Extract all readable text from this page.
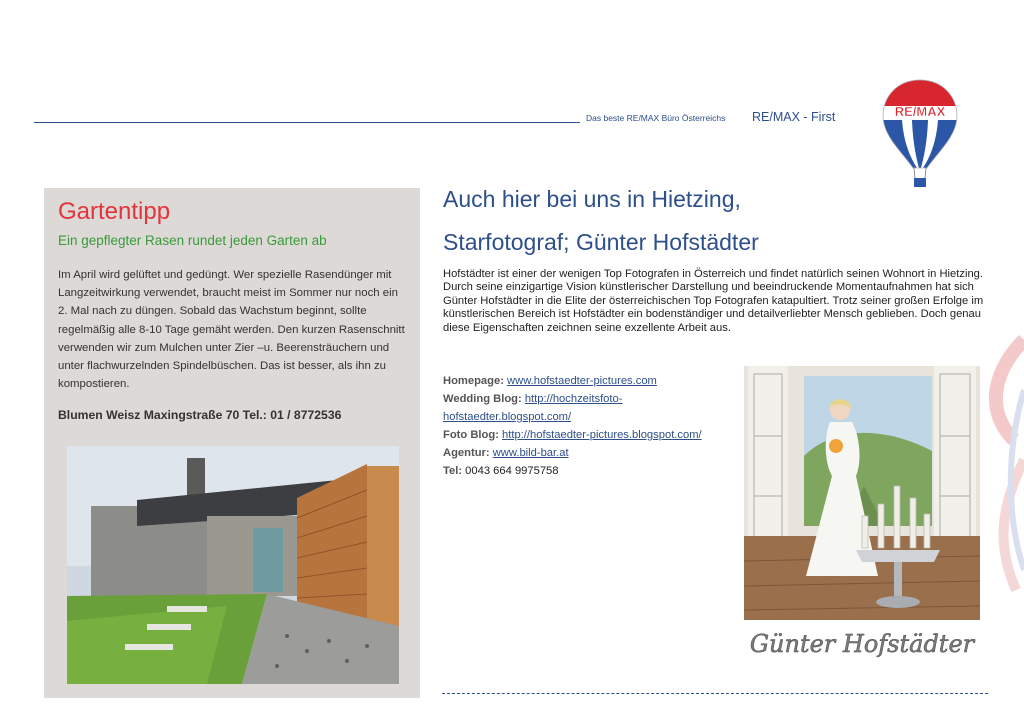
Das beste RE/MAX Büro Österreichs RE/MAX - First	RE/MAX
Gartentipp
Ein gepflegter Rasen rundet jeden Garten ab
Im April wird gelüftet und gedüngt. Wer spezielle Rasendünger mit Langzeitwirkung verwendet, braucht meist im Sommer nur noch ein 2. Mal nach zu düngen. Sobald das Wachstum beginnt, sollte regelmäßig alle 8-10 Tage gemäht werden. Den kurzen Rasenschnitt verwenden wir zum Mulchen unter Zier –u. Beerensträuchern und unter flachwurzelnden Spindelbüschen. Das ist besser, als ihn zu kompostieren.
Blumen Weisz Maxingstraße 70 Tel.: 01 / 8772536
Auch hier bei uns in Hietzing,
Starfotograf; Günter Hofstädter
Hofstädter ist einer der wenigen Top Fotografen in Österreich und findet natürlich seinen Wohnort in Hietzing. Durch seine einzigartige Vision künstlerischer Darstellung und beeindruckende Momentaufnahmen hat sich Günter Hofstädter in die Elite der österreichischen Top Fotografen katapultiert. Trotz seiner großen Erfolge im künstlerischen Bereich ist Hofstädter ein bodenständiger und detailverliebter Mensch geblieben. Doch genau diese Eigenschaften zeichnen seine exzellente Arbeit aus.
Homepage: www.hofstaedter-pictures.com
Wedding Blog: http://hochzeitsfoto-
hofstaedter.blogspot.com/
Foto Blog: http://hofstaedter-pictures.blogspot.com/
Agentur: www.bild-bar.at
Tel: 0043 664 9975758
Günter Hofstädter
